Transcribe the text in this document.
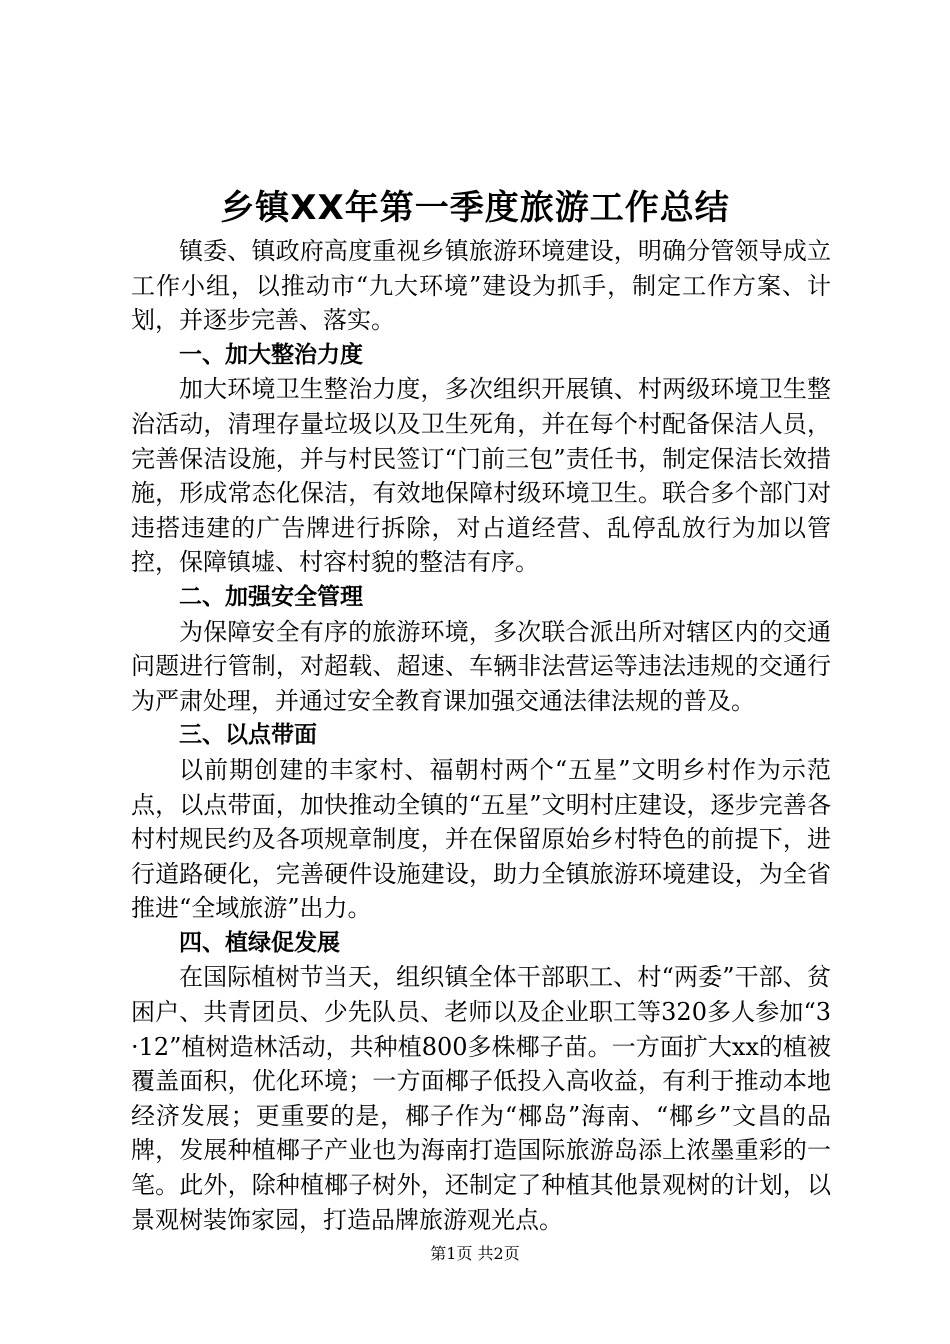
乡镇XX年第一季度旅游工作总结

镇委、镇政府高度重视乡镇旅游环境建设，明确分管领导成立工作小组，以推动市“九大环境”建设为抓手，制定工作方案、计划，并逐步完善、落实。

一、加大整治力度

加大环境卫生整治力度，多次组织开展镇、村两级环境卫生整治活动，清理存量垃圾以及卫生死角，并在每个村配备保洁人员，完善保洁设施，并与村民签订“门前三包”责任书，制定保洁长效措施，形成常态化保洁，有效地保障村级环境卫生。联合多个部门对违搭违建的广告牌进行拆除，对占道经营、乱停乱放行为加以管控，保障镇墟、村容村貌的整洁有序。

二、加强安全管理

为保障安全有序的旅游环境，多次联合派出所对辖区内的交通问题进行管制，对超载、超速、车辆非法营运等违法违规的交通行为严肃处理，并通过安全教育课加强交通法律法规的普及。

三、以点带面

以前期创建的丰家村、福朝村两个“五星”文明乡村作为示范点，以点带面，加快推动全镇的“五星”文明村庄建设，逐步完善各村村规民约及各项规章制度，并在保留原始乡村特色的前提下，进行道路硬化，完善硬件设施建设，助力全镇旅游环境建设，为全省推进“全域旅游”出力。

四、植绿促发展

在国际植树节当天，组织镇全体干部职工、村“两委”干部、贫困户、共青团员、少先队员、老师以及企业职工等320多人参加“3·12”植树造林活动，共种植800多株椰子苗。一方面扩大xx的植被覆盖面积，优化环境；一方面椰子低投入高收益，有利于推动本地经济发展；更重要的是，椰子作为“椰岛”海南、“椰乡”文昌的品牌，发展种植椰子产业也为海南打造国际旅游岛添上浓墨重彩的一笔。此外，除种植椰子树外，还制定了种植其他景观树的计划，以景观树装饰家园，打造品牌旅游观光点。

第1页 共2页
